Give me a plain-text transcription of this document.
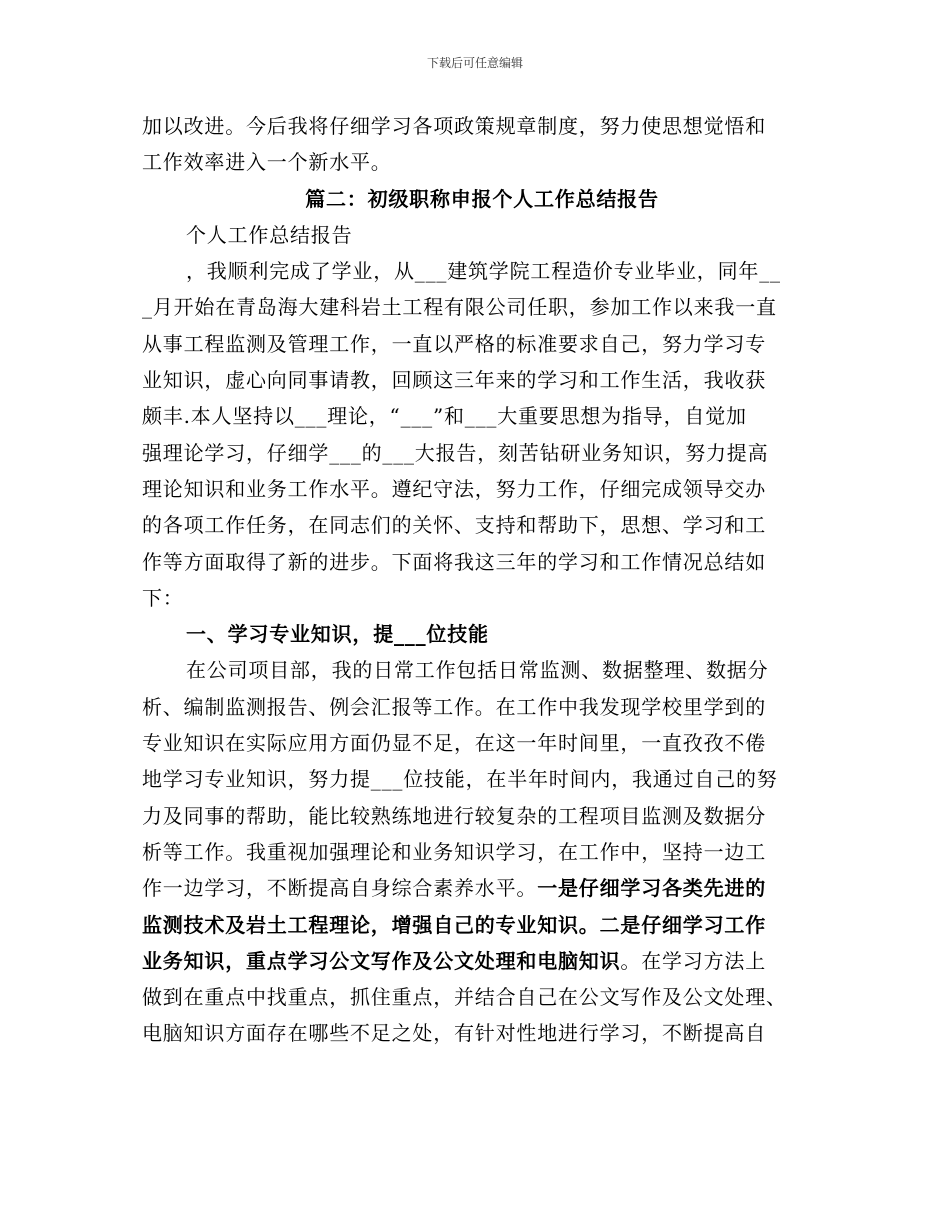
下载后可任意编辑
加以改进。今后我将仔细学习各项政策规章制度，努力使思想觉悟和
工作效率进入一个新水平。
篇二：初级职称申报个人工作总结报告
个人工作总结报告
，我顺利完成了学业，从___建筑学院工程造价专业毕业，同年__
_月开始在青岛海大建科岩土工程有限公司任职，参加工作以来我一直
从事工程监测及管理工作，一直以严格的标准要求自己，努力学习专
业知识，虚心向同事请教，回顾这三年来的学习和工作生活，我收获
颇丰.本人坚持以___理论，“___”和___大重要思想为指导，自觉加
强理论学习，仔细学___的___大报告，刻苦钻研业务知识，努力提高
理论知识和业务工作水平。遵纪守法，努力工作，仔细完成领导交办
的各项工作任务，在同志们的关怀、支持和帮助下，思想、学习和工
作等方面取得了新的进步。下面将我这三年的学习和工作情况总结如
下：
一、学习专业知识，提___位技能
在公司项目部，我的日常工作包括日常监测、数据整理、数据分
析、编制监测报告、例会汇报等工作。在工作中我发现学校里学到的
专业知识在实际应用方面仍显不足，在这一年时间里，一直孜孜不倦
地学习专业知识，努力提___位技能，在半年时间内，我通过自己的努
力及同事的帮助，能比较熟练地进行较复杂的工程项目监测及数据分
析等工作。我重视加强理论和业务知识学习，在工作中，坚持一边工
作一边学习，不断提高自身综合素养水平。一是仔细学习各类先进的
监测技术及岩土工程理论，增强自己的专业知识。二是仔细学习工作
业务知识，重点学习公文写作及公文处理和电脑知识。在学习方法上
做到在重点中找重点，抓住重点，并结合自己在公文写作及公文处理、
电脑知识方面存在哪些不足之处，有针对性地进行学习，不断提高自
